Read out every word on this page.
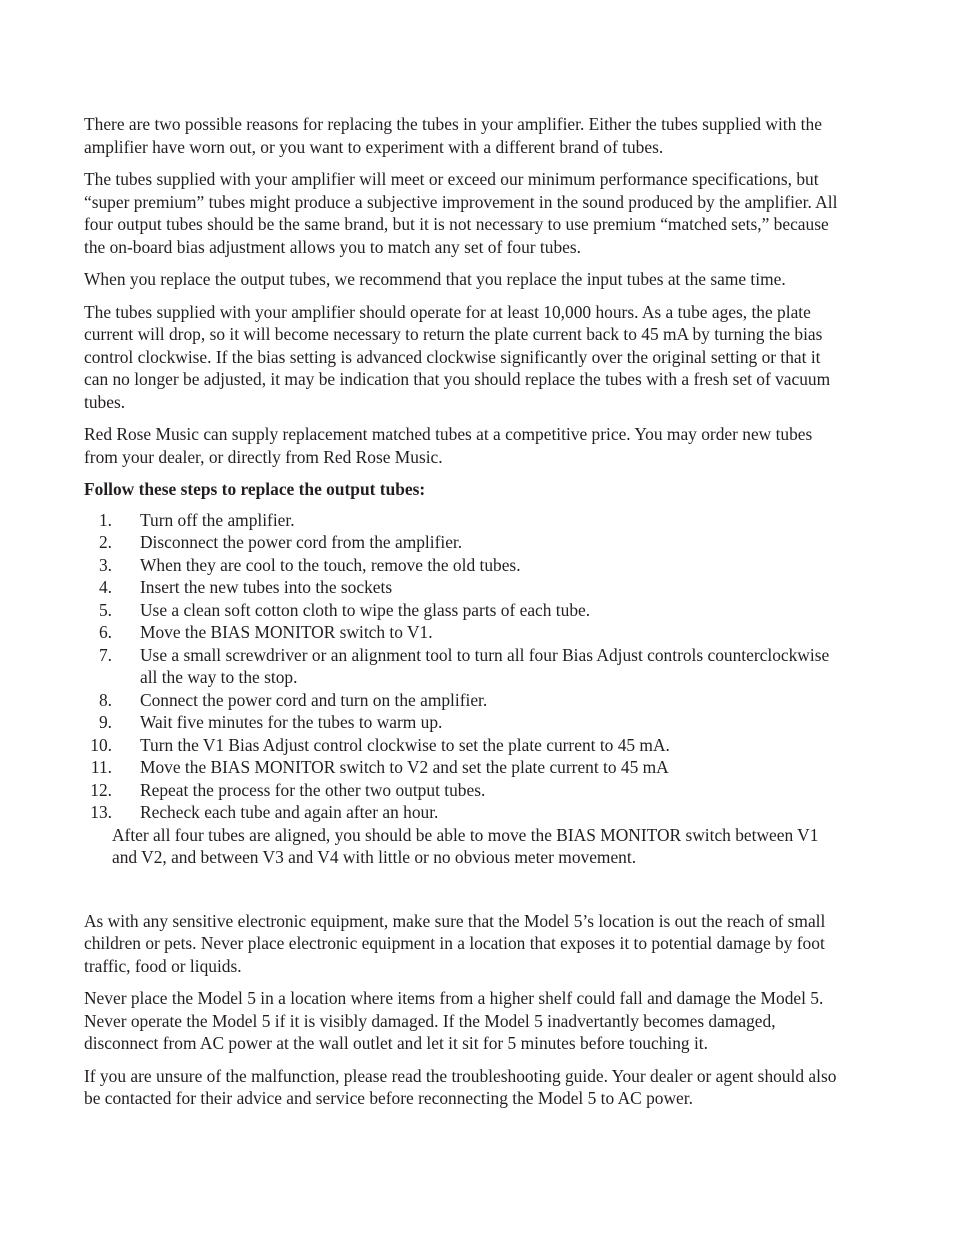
There are two possible reasons for replacing the tubes in your amplifier. Either the tubes supplied with the amplifier have worn out, or you want to experiment with a different brand of tubes.

The tubes supplied with your amplifier will meet or exceed our minimum performance specifications, but “super premium” tubes might produce a subjective improvement in the sound produced by the amplifier. All four output tubes should be the same brand, but it is not necessary to use premium “matched sets,” because the on-board bias adjustment allows you to match any set of four tubes.

When you replace the output tubes, we recommend that you replace the input tubes at the same time.

The tubes supplied with your amplifier should operate for at least 10,000 hours. As a tube ages, the plate current will drop, so it will become necessary to return the plate current back to 45 mA by turning the bias control clockwise. If the bias setting is advanced clockwise significantly over the original setting or that it can no longer be adjusted, it may be indication that you should replace the tubes with a fresh set of vacuum tubes.

Red Rose Music can supply replacement matched tubes at a competitive price. You may order new tubes from your dealer, or directly from Red Rose Music.

Follow these steps to replace the output tubes:

1.	Turn off the amplifier.
2.	Disconnect the power cord from the amplifier.
3.	When they are cool to the touch, remove the old tubes.
4.	Insert the new tubes into the sockets
5.	Use a clean soft cotton cloth to wipe the glass parts of each tube.
6.	Move the BIAS MONITOR switch to V1.
7.	Use a small screwdriver or an alignment tool to turn all four Bias Adjust controls counterclockwise all the way to the stop.
8.	Connect the power cord and turn on the amplifier.
9.	Wait five minutes for the tubes to warm up.
10.	Turn the V1 Bias Adjust control clockwise to set the plate current to 45 mA.
11.	Move the BIAS MONITOR switch to V2 and set the plate current to 45 mA
12.	Repeat the process for the other two output tubes.
13.	Recheck each tube and again after an hour.

After all four tubes are aligned, you should be able to move the BIAS MONITOR switch between V1 and V2, and between V3 and V4 with little or no obvious meter movement.

As with any sensitive electronic equipment, make sure that the Model 5’s location is out the reach of small children or pets. Never place electronic equipment in a location that exposes it to potential damage by foot traffic, food or liquids.

Never place the Model 5 in a location where items from a higher shelf could fall and damage the Model 5. Never operate the Model 5 if it is visibly damaged. If the Model 5 inadvertantly becomes damaged, disconnect from AC power at the wall outlet and let it sit for 5 minutes before touching it.

If you are unsure of the malfunction, please read the troubleshooting guide. Your dealer or agent should also be contacted for their advice and service before reconnecting the Model 5 to AC power.
